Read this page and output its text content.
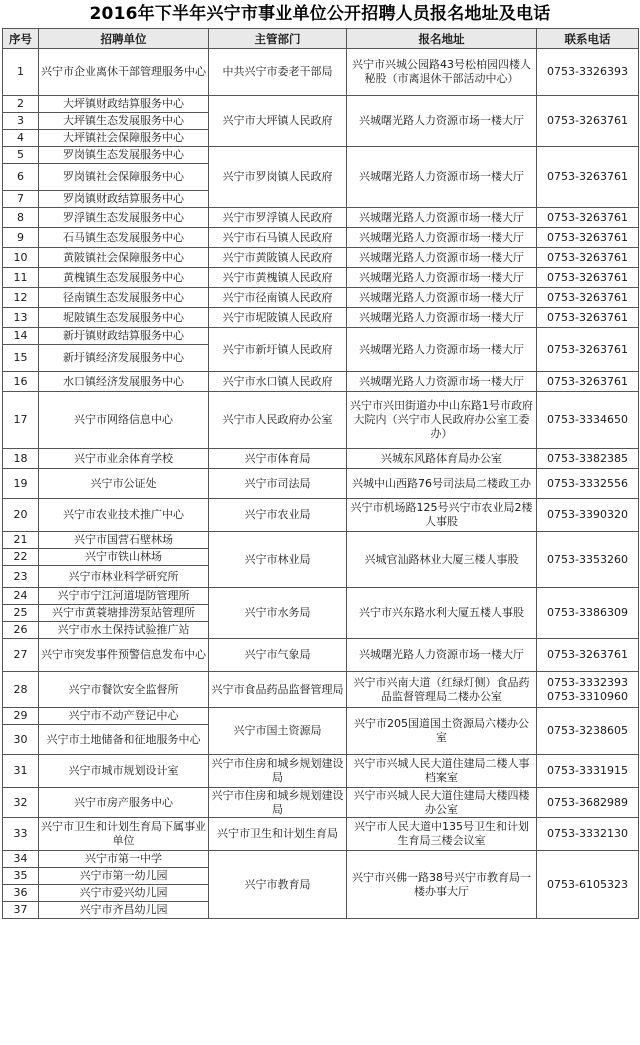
2016年下半年兴宁市事业单位公开招聘人员报名地址及电话
序号	招聘单位	主管部门	报名地址	联系电话
1	兴宁市企业离休干部管理服务中心	中共兴宁市委老干部局	兴宁市兴城公园路43号松柏园四楼人秘股（市离退休干部活动中心）	0753-3326393

2	大坪镇财政结算服务中心	兴宁市大坪镇人民政府	兴城曙光路人力资源市场一楼大厅	0753-3263761

3	大坪镇生态发展服务中心			
4	大坪镇社会保障服务中心			
5	罗岗镇生态发展服务中心	兴宁市罗岗镇人民政府	兴城曙光路人力资源市场一楼大厅	0753-3263761

6	罗岗镇社会保障服务中心			
7	罗岗镇财政结算服务中心			
8	罗浮镇生态发展服务中心	兴宁市罗浮镇人民政府	兴城曙光路人力资源市场一楼大厅	0753-3263761

9	石马镇生态发展服务中心	兴宁市石马镇人民政府	兴城曙光路人力资源市场一楼大厅	0753-3263761

10	黄陂镇社会保障服务中心	兴宁市黄陂镇人民政府	兴城曙光路人力资源市场一楼大厅	0753-3263761

11	黄槐镇生态发展服务中心	兴宁市黄槐镇人民政府	兴城曙光路人力资源市场一楼大厅	0753-3263761

12	径南镇生态发展服务中心	兴宁市径南镇人民政府	兴城曙光路人力资源市场一楼大厅	0753-3263761

13	坭陂镇生态发展服务中心	兴宁市坭陂镇人民政府	兴城曙光路人力资源市场一楼大厅	0753-3263761

14	新圩镇财政结算服务中心	兴宁市新圩镇人民政府	兴城曙光路人力资源市场一楼大厅	0753-3263761

15	新圩镇经济发展服务中心			
16	水口镇经济发展服务中心	兴宁市水口镇人民政府	兴城曙光路人力资源市场一楼大厅	0753-3263761

17	兴宁市网络信息中心	兴宁市人民政府办公室	兴宁市兴田街道办中山东路1号市政府大院内（兴宁市人民政府办公室工委办）	0753-3334650

18	兴宁市业余体育学校	兴宁市体育局	兴城东风路体育局办公室	0753-3382385

19	兴宁市公证处	兴宁市司法局	兴城中山西路76号司法局二楼政工办	0753-3332556

20	兴宁市农业技术推广中心	兴宁市农业局	兴宁市机场路125号兴宁市农业局2楼人事股	0753-3390320

21	兴宁市国营石壁林场	兴宁市林业局	兴城官汕路林业大厦三楼人事股	0753-3353260

22	兴宁市铁山林场			
23	兴宁市林业科学研究所			
24	兴宁市宁江河道堤防管理所	兴宁市水务局	兴宁市兴东路水利大厦五楼人事股	0753-3386309

25	兴宁市黄蓑塘排涝泵站管理所			
26	兴宁市水土保持试验推广站			
27	兴宁市突发事件预警信息发布中心	兴宁市气象局	兴城曙光路人力资源市场一楼大厅	0753-3263761

28	兴宁市餐饮安全监督所	兴宁市食品药品监督管理局	兴宁市兴南大道（红绿灯侧）食品药品监督管理局二楼办公室	0753-3332393
0753-3310960

29	兴宁市不动产登记中心	兴宁市国土资源局	兴宁市205国道国土资源局六楼办公室	0753-3238605

30	兴宁市土地储备和征地服务中心			
31	兴宁市城市规划设计室	兴宁市住房和城乡规划建设局	兴宁市兴城人民大道住建局二楼人事档案室	0753-3331915

32	兴宁市房产服务中心	兴宁市住房和城乡规划建设局	兴宁市兴城人民大道住建局大楼四楼办公室	0753-3682989

33	兴宁市卫生和计划生育局下属事业单位	兴宁市卫生和计划生育局	兴宁市人民大道中135号卫生和计划生育局三楼会议室	0753-3332130

34	兴宁市第一中学	兴宁市教育局	兴宁市兴佛一路38号兴宁市教育局一楼办事大厅	0753-6105323

35	兴宁市第一幼儿园			
36	兴宁市爱兴幼儿园			
37	兴宁市齐昌幼儿园			
